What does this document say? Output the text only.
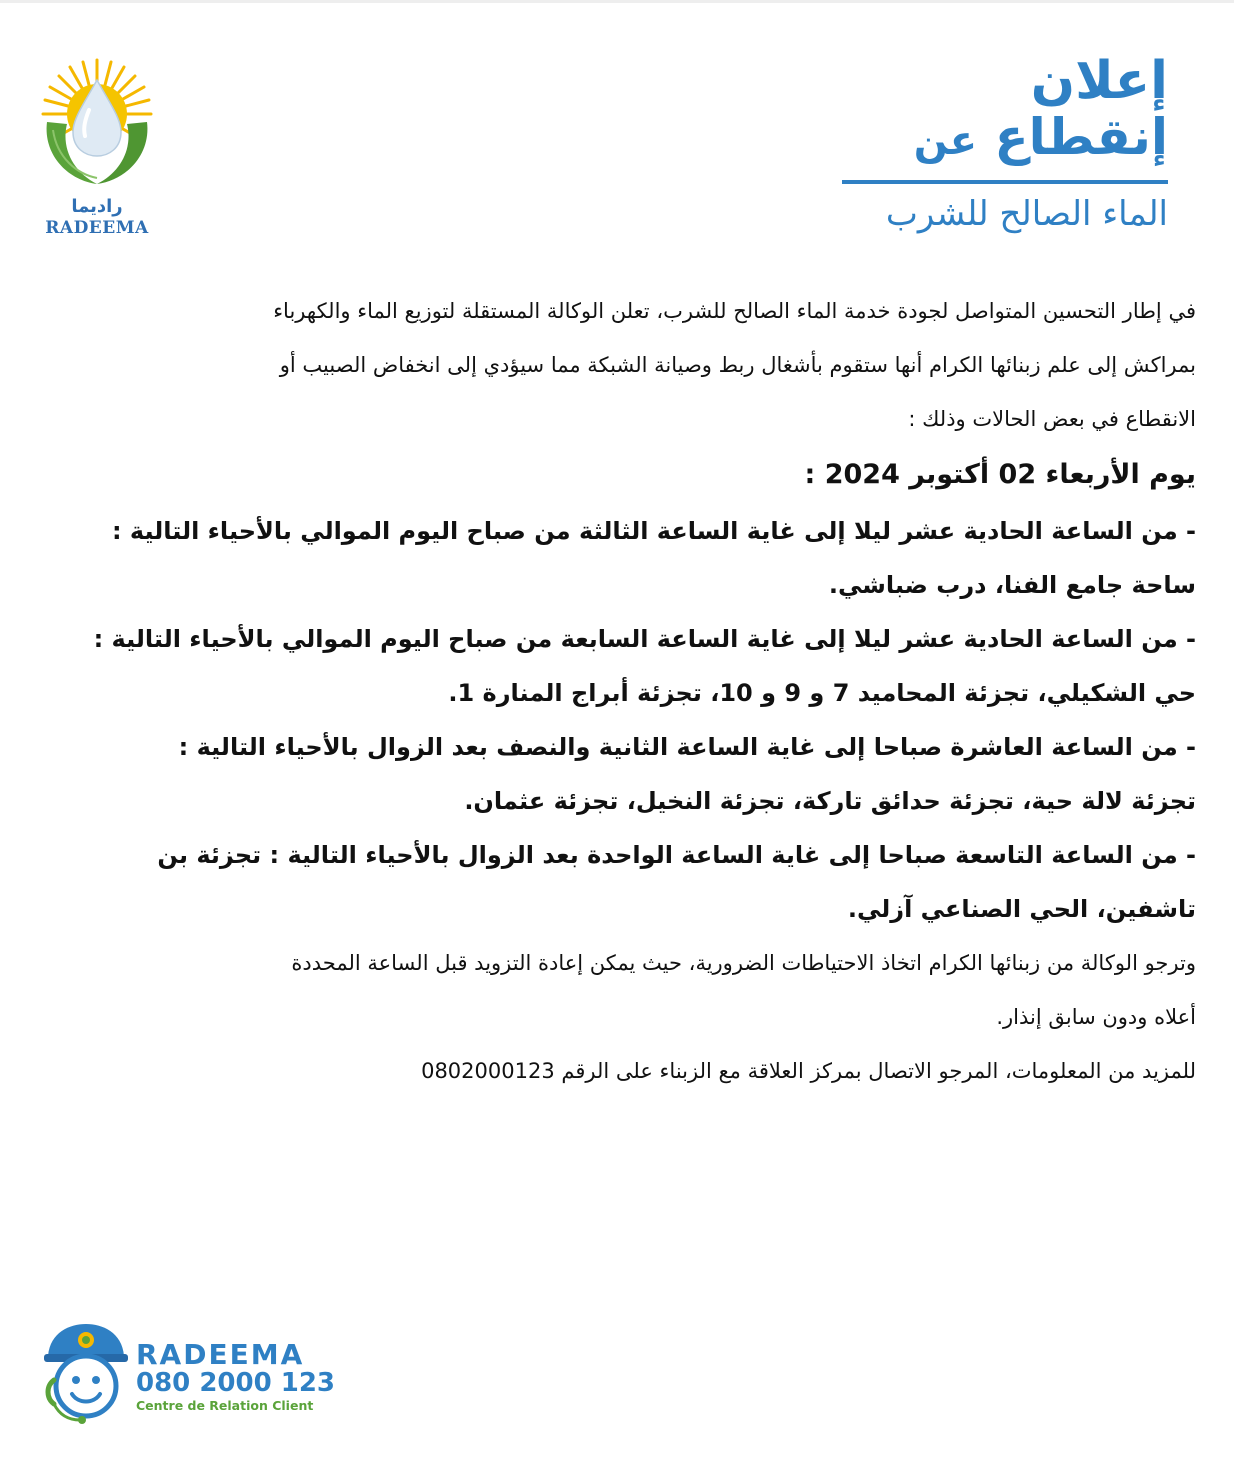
راديما
RADEEMA
إعلان
إنقطاع عن
الماء الصالح للشرب

في إطار التحسين المتواصل لجودة خدمة الماء الصالح للشرب، تعلن الوكالة المستقلة لتوزيع الماء والكهرباء

بمراكش إلى علم زبنائها الكرام أنها ستقوم بأشغال ربط وصيانة الشبكة مما سيؤدي إلى انخفاض الصبيب أو

الانقطاع في بعض الحالات وذلك :

يوم الأربعاء 02 أكتوبر 2024 :

- من الساعة الحادية عشر ليلا إلى غاية الساعة الثالثة من صباح اليوم الموالي بالأحياء التالية :

ساحة جامع الفنا، درب ضباشي.

- من الساعة الحادية عشر ليلا إلى غاية الساعة السابعة من صباح اليوم الموالي بالأحياء التالية :

حي الشكيلي، تجزئة المحاميد 7 و 9 و 10، تجزئة أبراج المنارة 1.

- من الساعة العاشرة صباحا إلى غاية الساعة الثانية والنصف بعد الزوال بالأحياء التالية :

تجزئة لالة حية، تجزئة حدائق تاركة، تجزئة النخيل، تجزئة عثمان.

- من الساعة التاسعة صباحا إلى غاية الساعة الواحدة بعد الزوال بالأحياء التالية : تجزئة بن

تاشفين، الحي الصناعي آزلي.

وترجو الوكالة من زبنائها الكرام اتخاذ الاحتياطات الضرورية، حيث يمكن إعادة التزويد قبل الساعة المحددة

أعلاه ودون سابق إنذار.

للمزيد من المعلومات، المرجو الاتصال بمركز العلاقة مع الزبناء على الرقم 0802000123

RADEEMA
080 2000 123
Centre de Relation Client
